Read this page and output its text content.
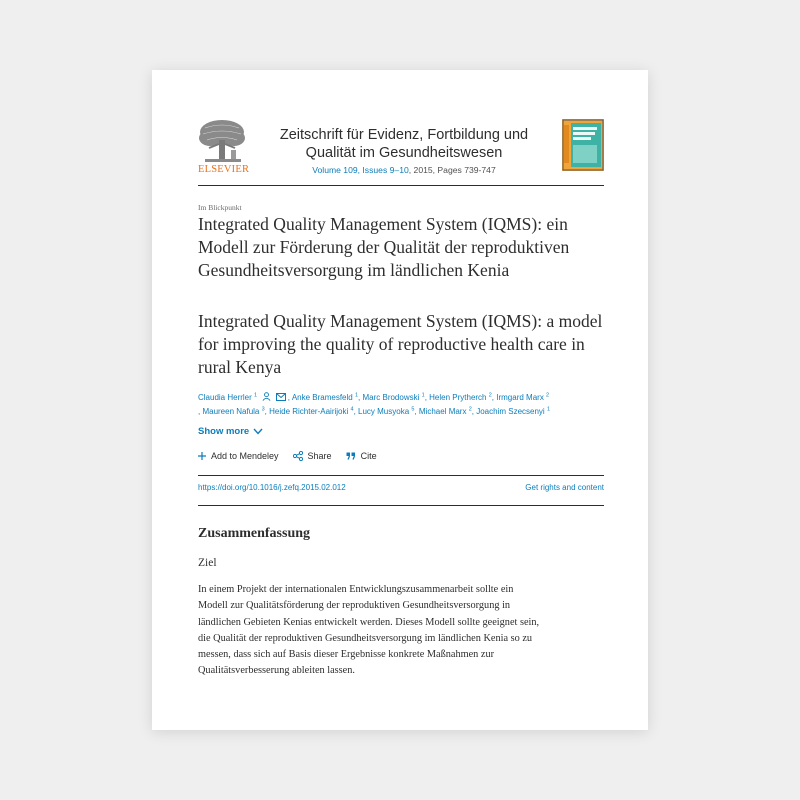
ELSEVIER
Zeitschrift für Evidenz, Fortbildung und Qualität im Gesundheitswesen
Volume 109, Issues 9–10, 2015, Pages 739-747
Im Blickpunkt
Integrated Quality Management System (IQMS): ein Modell zur Förderung der Qualität der reproduktiven Gesundheitsversorgung im ländlichen Kenia
Integrated Quality Management System (IQMS): a model for improving the quality of reproductive health care in rural Kenya
Claudia Herrler $^1$	, Anke Bramesfeld $^1$, Marc Brodowski $^1$, Helen Prytherch $^2$, Irmgard Marx $^2$
, Maureen Nafula $^3$, Heide Richter-Aairijoki $^4$, Lucy Musyoka $^5$, Michael Marx $^2$, Joachim Szecsenyi $^1$
Show more
Add to Mendeley	Share	Cite
https://doi.org/10.1016/j.zefq.2015.02.012	Get rights and content
Zusammenfassung
Ziel
In einem Projekt der internationalen Entwicklungszusammenarbeit sollte ein
Modell zur Qualitätsförderung der reproduktiven Gesundheitsversorgung in
ländlichen Gebieten Kenias entwickelt werden. Dieses Modell sollte geeignet sein,
die Qualität der reproduktiven Gesundheitsversorgung im ländlichen Kenia so zu
messen, dass sich auf Basis dieser Ergebnisse konkrete Maßnahmen zur
Qualitätsverbesserung ableiten lassen.
